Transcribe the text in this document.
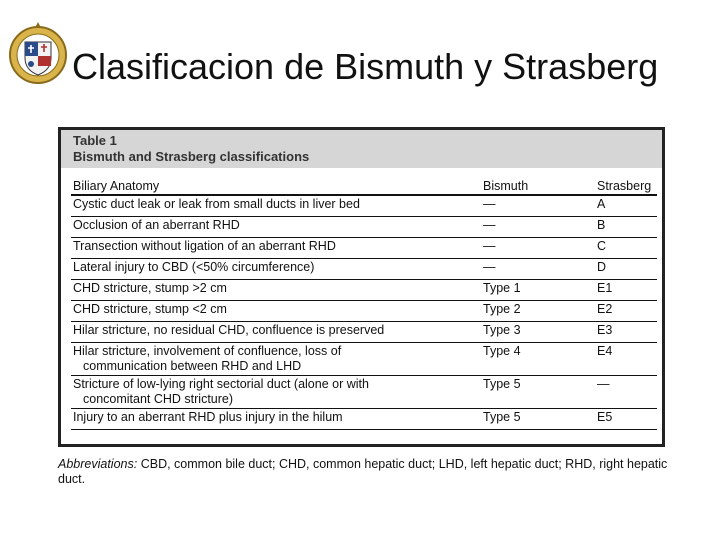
Clasificacion de Bismuth y Strasberg
Table 1
Bismuth and Strasberg classifications
Biliary Anatomy	Bismuth	Strasberg
Cystic duct leak or leak from small ducts in liver bed	—	A
Occlusion of an aberrant RHD	—	B
Transection without ligation of an aberrant RHD	—	C
Lateral injury to CBD (<50% circumference)	—	D
CHD stricture, stump >2 cm	Type 1	E1
CHD stricture, stump <2 cm	Type 2	E2
Hilar stricture, no residual CHD, confluence is preserved	Type 3	E3
Hilar stricture, involvement of confluence, loss of
communication between RHD and LHD	Type 4	E4
Stricture of low-lying right sectorial duct (alone or with
concomitant CHD stricture)	Type 5	—
Injury to an aberrant RHD plus injury in the hilum	Type 5	E5
Abbreviations: CBD, common bile duct; CHD, common hepatic duct; LHD, left hepatic duct; RHD, right hepatic duct.
